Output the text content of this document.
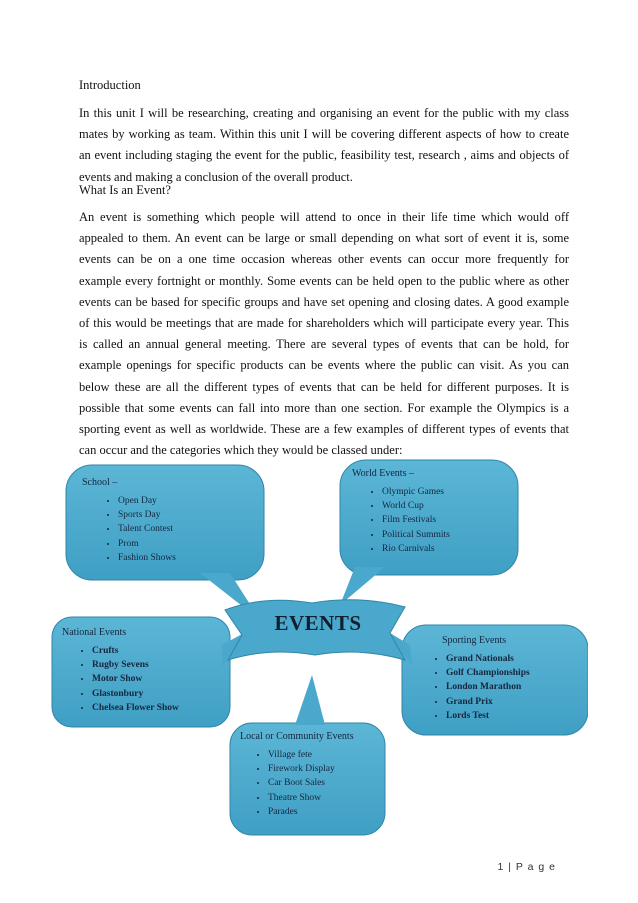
Introduction
In this unit I will be researching, creating and organising an event for the public with my class mates by working as team. Within this unit I will be covering different aspects of how to create an event including staging the event for the public, feasibility test, research , aims and objects of events and making a conclusion of the overall product.
What Is an Event?
An event is something which people will attend to once in their life time which would off appealed to them. An event can be large or small depending on what sort of event it is, some events can be on a one time occasion whereas other events can occur more frequently for example every fortnight or monthly. Some events can be held open to the public where as other events can be based for specific groups and have set opening and closing dates. A good example of this would be meetings that are made for shareholders which will participate every year. This is called an annual general meeting. There are several types of events that can be hold, for example openings for specific products can be events where the public can visit. As you can below these are all the different types of events that can be held for different purposes. It is possible that some events can fall into more than one section. For example the Olympics is a sporting event as well as worldwide. These are a few examples of different types of events that can occur and the categories which they would be classed under:
School –
• Open Day
• Sports Day
• Talent Contest
• Prom
• Fashion Shows
World Events –
• Olympic Games
• World Cup
• Film Festivals
• Political Summits
• Rio Carnivals
National Events
• Crufts
• Rugby Sevens
• Motor Show
• Glastonbury
• Chelsea Flower Show
Sporting Events
• Grand Nationals
• Golf Championships
• London Marathon
• Grand Prix
• Lords Test
Local or Community Events
• Village fete
• Firework Display
• Car Boot Sales
• Theatre Show
• Parades
EVENTS
1 | P a g e
